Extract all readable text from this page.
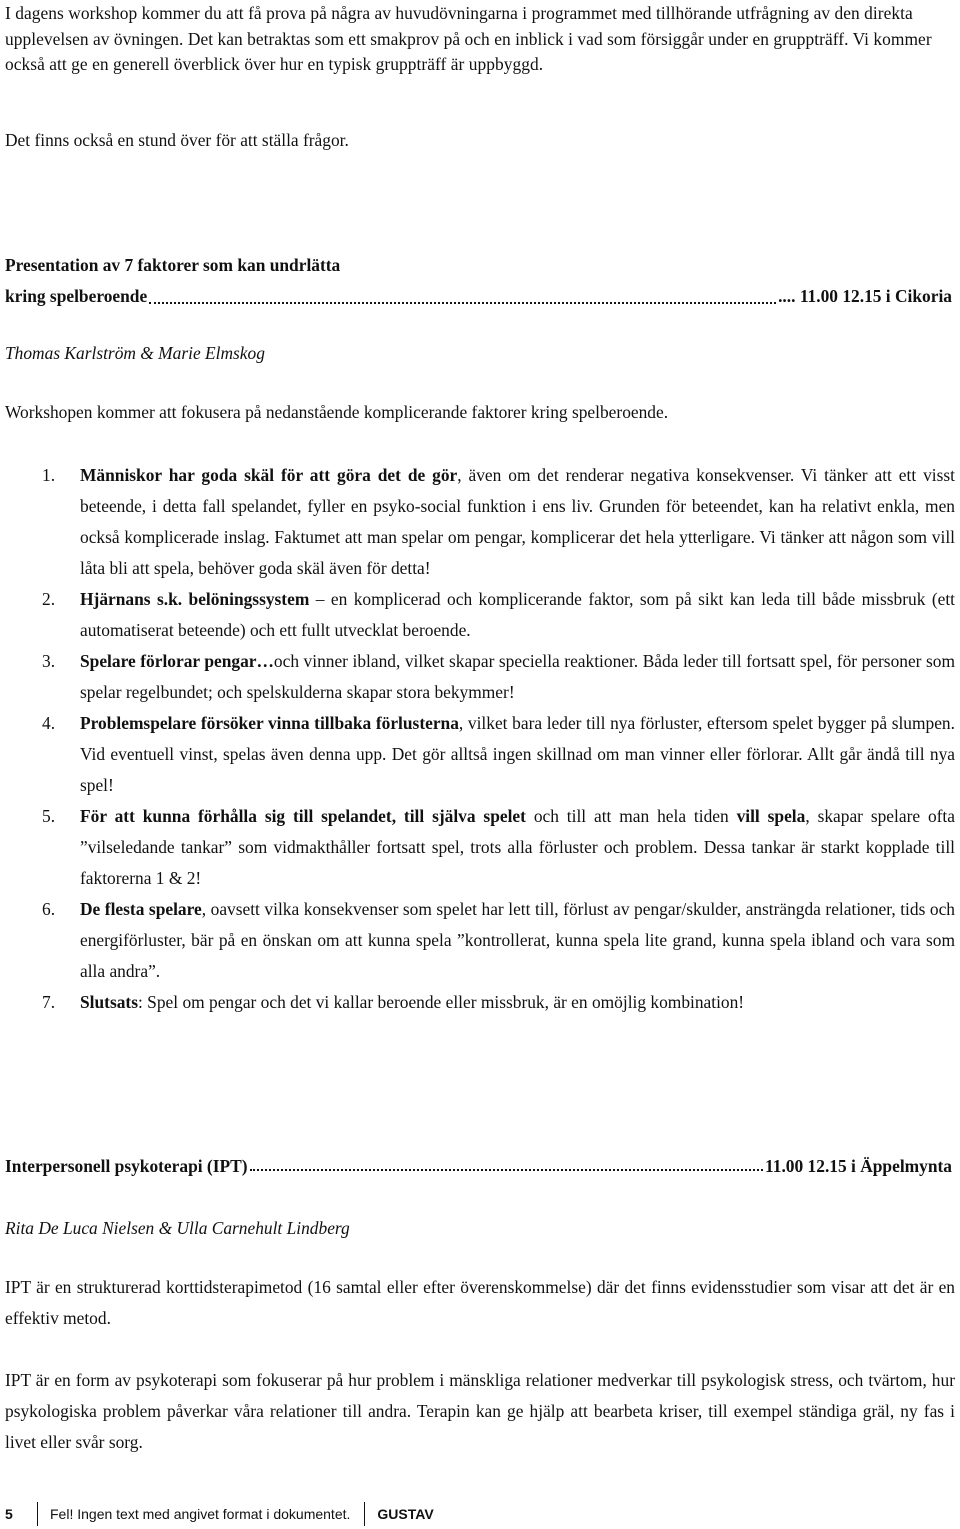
I dagens workshop kommer du att få prova på några av huvudövningarna i programmet med tillhörande utfrågning av den direkta upplevelsen av övningen. Det kan betraktas som ett smakprov på och en inblick i vad som försiggår under en gruppträff. Vi kommer också att ge en generell överblick över hur en typisk gruppträff är uppbyggd.
Det finns också en stund över för att ställa frågor.
Presentation av 7 faktorer som kan undrlätta
kring spelberoende	.... 11.00 12.15 i Cikoria
Thomas Karlström & Marie Elmskog
Workshopen kommer att fokusera på nedanstående komplicerande faktorer kring spelberoende.
1.	Människor har goda skäl för att göra det de gör, även om det renderar negativa konsekvenser. Vi tänker att ett visst beteende, i detta fall spelandet, fyller en psyko-social funktion i ens liv. Grunden för beteendet, kan ha relativt enkla, men också komplicerade inslag. Faktumet att man spelar om pengar, komplicerar det hela ytterligare. Vi tänker att någon som vill låta bli att spela, behöver goda skäl även för detta!
2.	Hjärnans s.k. belöningssystem – en komplicerad och komplicerande faktor, som på sikt kan leda till både missbruk (ett automatiserat beteende) och ett fullt utvecklat beroende.
3.	Spelare förlorar pengar…och vinner ibland, vilket skapar speciella reaktioner. Båda leder till fortsatt spel, för personer som spelar regelbundet; och spelskulderna skapar stora bekymmer!
4.	Problemspelare försöker vinna tillbaka förlusterna, vilket bara leder till nya förluster, eftersom spelet bygger på slumpen. Vid eventuell vinst, spelas även denna upp. Det gör alltså ingen skillnad om man vinner eller förlorar. Allt går ändå till nya spel!
5.	För att kunna förhålla sig till spelandet, till själva spelet och till att man hela tiden vill spela, skapar spelare ofta ”vilseledande tankar” som vidmakthåller fortsatt spel, trots alla förluster och problem. Dessa tankar är starkt kopplade till faktorerna 1 & 2!
6.	De flesta spelare, oavsett vilka konsekvenser som spelet har lett till, förlust av pengar/skulder, ansträngda relationer, tids och energiförluster, bär på en önskan om att kunna spela ”kontrollerat, kunna spela lite grand, kunna spela ibland och vara som alla andra”.
7.	Slutsats: Spel om pengar och det vi kallar beroende eller missbruk, är en omöjlig kombination!
Interpersonell psykoterapi (IPT)	11.00 12.15 i Äppelmynta
Rita De Luca Nielsen & Ulla Carnehult Lindberg
IPT är en strukturerad korttidsterapimetod (16 samtal eller efter överenskommelse) där det finns evidensstudier som visar att det är en effektiv metod.
IPT är en form av psykoterapi som fokuserar på hur problem i mänskliga relationer medverkar till psykologisk stress, och tvärtom, hur psykologiska problem påverkar våra relationer till andra. Terapin kan ge hjälp att bearbeta kriser, till exempel ständiga gräl, ny fas i livet eller svår sorg.
5	Fel! Ingen text med angivet format i dokumentet. GUSTAV
